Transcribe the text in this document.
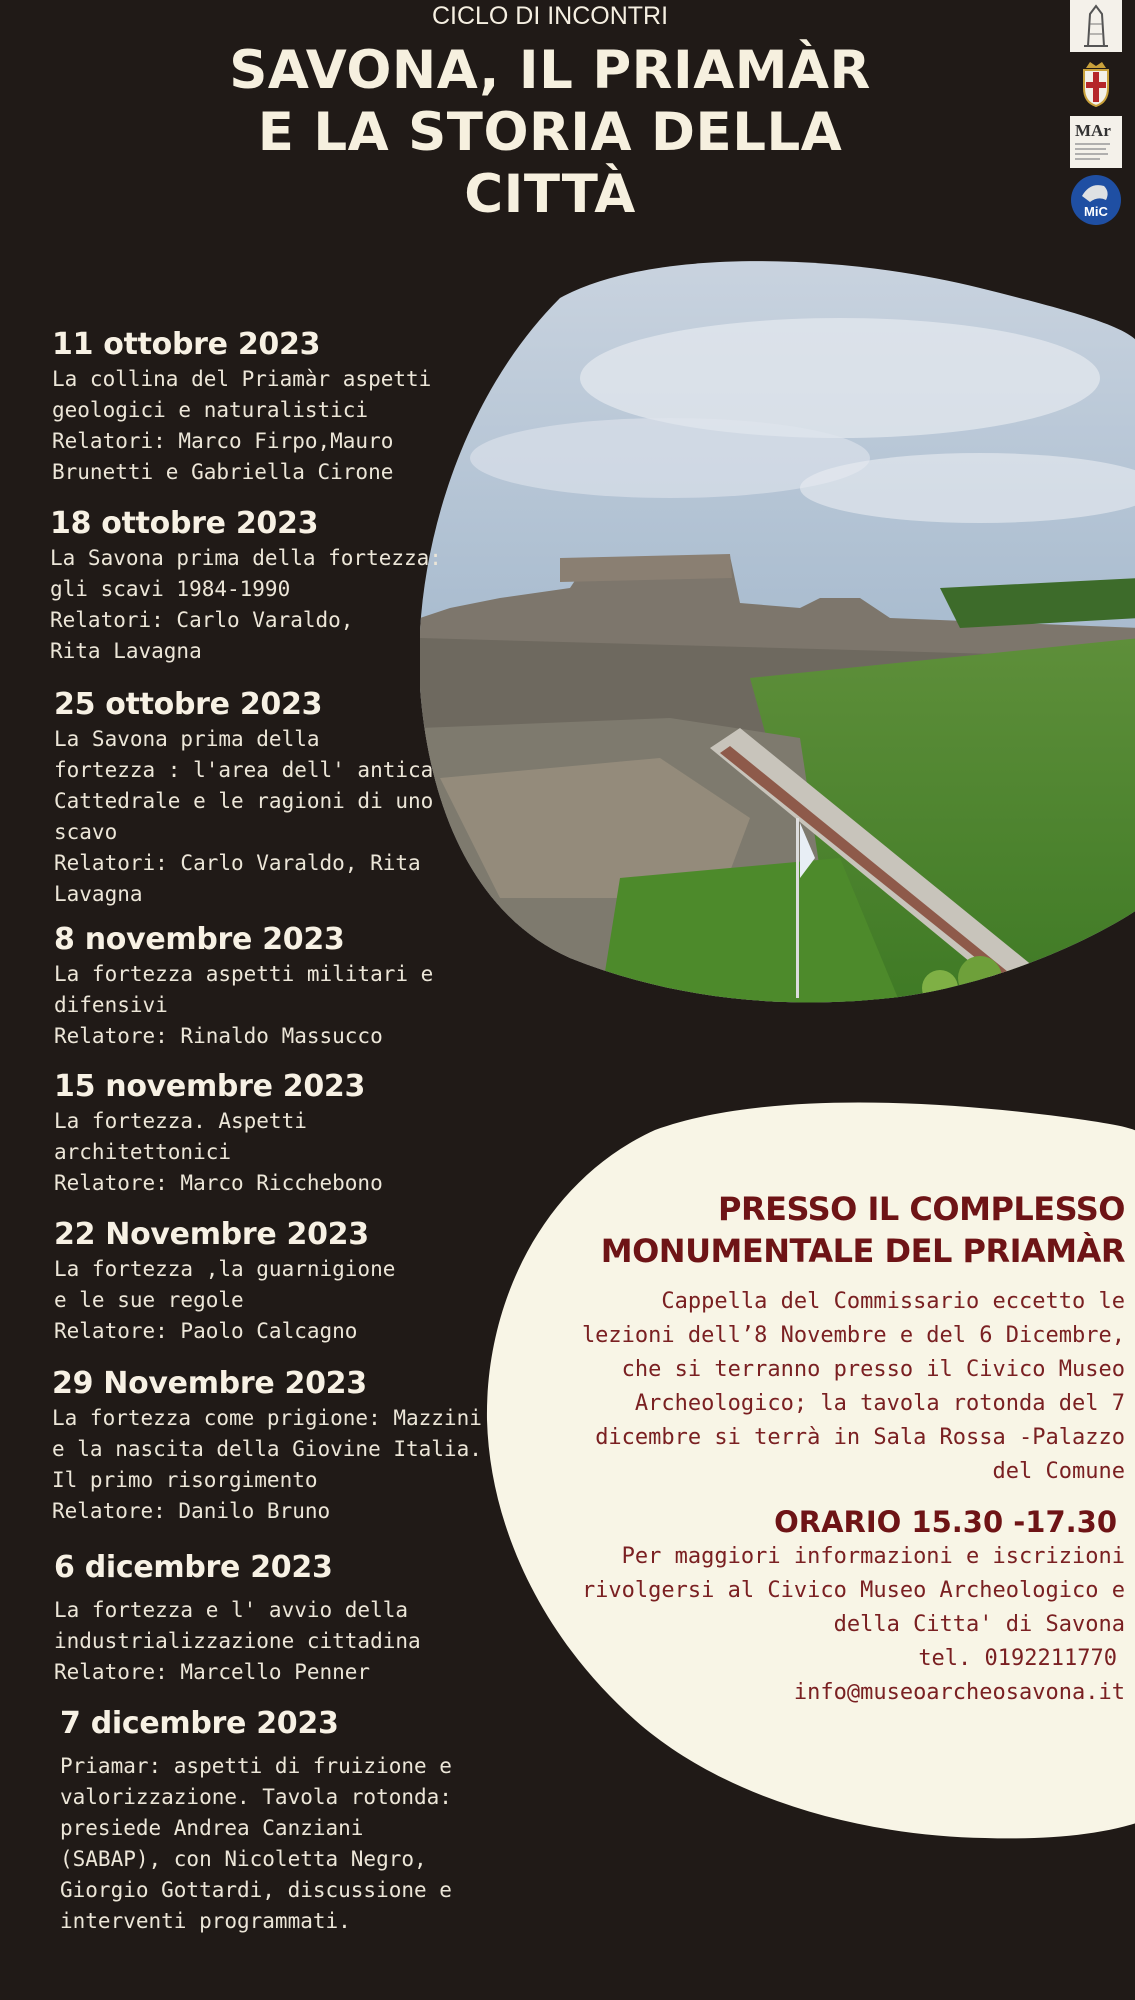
CICLO DI INCONTRI
SAVONA, IL PRIAMÀR
E LA STORIA DELLA
CITTÀ
MAr
MiC
11 ottobre 2023
La collina del Priamàr aspetti
geologici e naturalistici
Relatori: Marco Firpo,Mauro
Brunetti e Gabriella Cirone
18 ottobre 2023
La Savona prima della fortezza:
gli scavi 1984-1990
Relatori: Carlo Varaldo,
Rita Lavagna
25 ottobre 2023
La Savona prima della
fortezza : l'area dell' antica
Cattedrale e le ragioni di uno
scavo
Relatori: Carlo Varaldo, Rita
Lavagna
8 novembre 2023
La fortezza aspetti militari e
difensivi
Relatore: Rinaldo Massucco
15 novembre 2023
La fortezza. Aspetti
architettonici
Relatore: Marco Ricchebono
22 Novembre 2023
La fortezza ,la guarnigione
e le sue regole
Relatore: Paolo Calcagno
29 Novembre 2023
La fortezza come prigione: Mazzini
e la nascita della Giovine Italia.
Il primo risorgimento
Relatore: Danilo Bruno
6 dicembre 2023
La fortezza e l' avvio della
industrializzazione cittadina
Relatore: Marcello Penner
7 dicembre 2023
Priamar: aspetti di fruizione e
valorizzazione. Tavola rotonda:
presiede Andrea Canziani
(SABAP), con Nicoletta Negro,
Giorgio Gottardi, discussione e
interventi programmati.
PRESSO IL COMPLESSO
MONUMENTALE DEL PRIAMÀR
Cappella del Commissario eccetto le lezioni dell’8 Novembre e del 6 Dicembre, che si terranno presso il Civico Museo Archeologico; la tavola rotonda del 7 dicembre si terrà in Sala Rossa -Palazzo del Comune
ORARIO 15.30 -17.30
Per maggiori informazioni e iscrizioni rivolgersi al Civico Museo Archeologico e della Citta' di Savona
tel. 0192211770
info@museoarcheosavona.it
